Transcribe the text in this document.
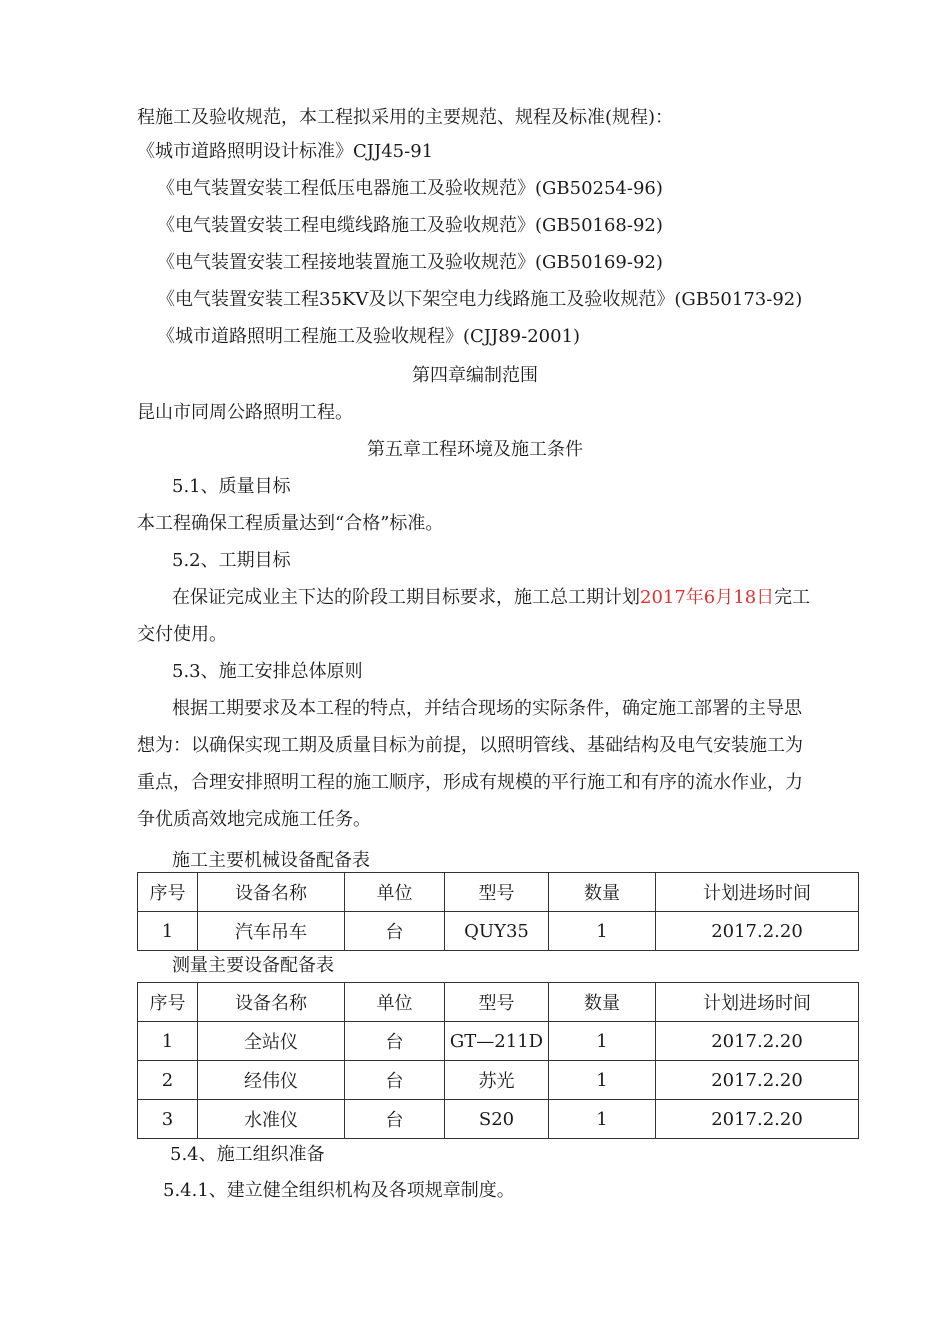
程施工及验收规范，本工程拟采用的主要规范、规程及标准(规程)：
《城市道路照明设计标准》CJJ45-91
《电气装置安装工程低压电器施工及验收规范》(GB50254-96)
《电气装置安装工程电缆线路施工及验收规范》(GB50168-92)
《电气装置安装工程接地装置施工及验收规范》(GB50169-92)
《电气装置安装工程35KV及以下架空电力线路施工及验收规范》(GB50173-92)
《城市道路照明工程施工及验收规程》(CJJ89-2001)
第四章编制范围
昆山市同周公路照明工程。
第五章工程环境及施工条件
5.1、质量目标
本工程确保工程质量达到“合格”标准。
5.2、工期目标
在保证完成业主下达的阶段工期目标要求，施工总工期计划2017年6月18日完工
交付使用。
5.3、施工安排总体原则
根据工期要求及本工程的特点，并结合现场的实际条件，确定施工部署的主导思
想为：以确保实现工期及质量目标为前提，以照明管线、基础结构及电气安装施工为
重点，合理安排照明工程的施工顺序，形成有规模的平行施工和有序的流水作业，力
争优质高效地完成施工任务。
施工主要机械设备配备表
序号	设备名称	单位	型号	数量	计划进场时间
1	汽车吊车	台	QUY35	1	2017.2.20
测量主要设备配备表
序号	设备名称	单位	型号	数量	计划进场时间
1	全站仪	台	GT—211D	1	2017.2.20
2	经伟仪	台	苏光	1	2017.2.20
3	水准仪	台	S20	1	2017.2.20
5.4、施工组织准备
5.4.1、建立健全组织机构及各项规章制度。
